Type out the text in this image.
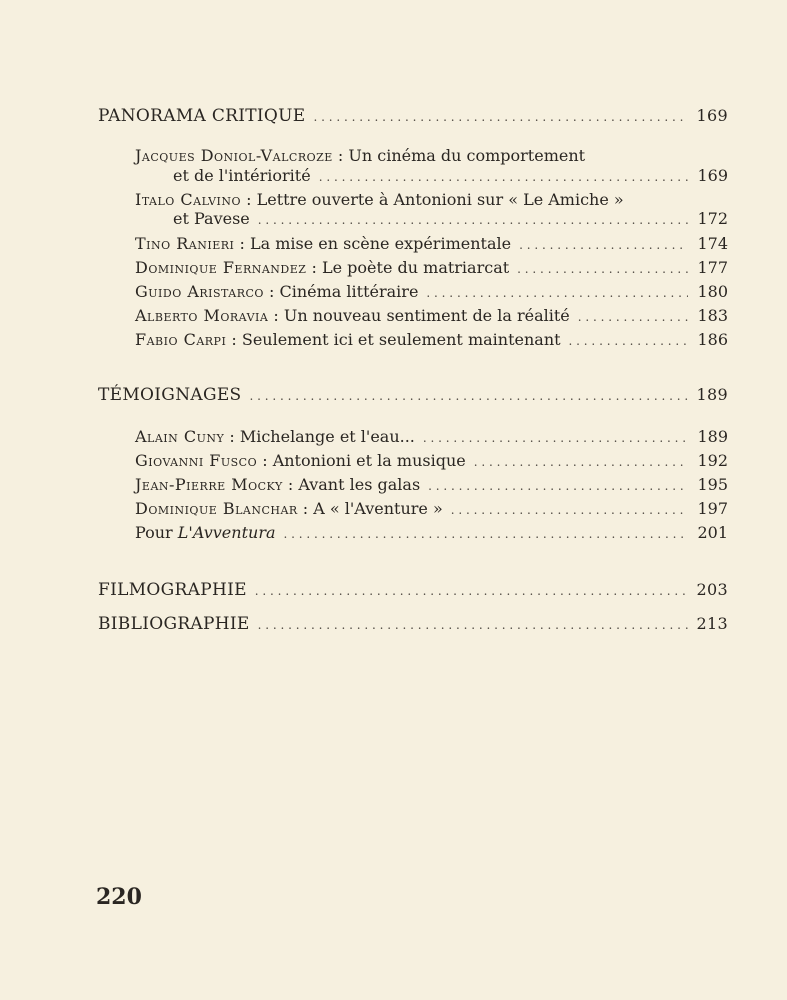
PANORAMA CRITIQUE . . .	169
Jacques Doniol-Valcroze : Un cinéma du comportement
et de l'intériorité . . .	169
Italo Calvino : Lettre ouverte à Antonioni sur « Le Amiche »
et Pavese . . .	172
Tino Ranieri : La mise en scène expérimentale . . .	174
Dominique Fernandez : Le poète du matriarcat . . .	177
Guido Aristarco : Cinéma littéraire . . .	180
Alberto Moravia : Un nouveau sentiment de la réalité . . .	183
Fabio Carpi : Seulement ici et seulement maintenant . . .	186
TÉMOIGNAGES . . .	189
Alain Cuny : Michelange et l'eau... . . .	189
Giovanni Fusco : Antonioni et la musique . . .	192
Jean-Pierre Mocky : Avant les galas . . .	195
Dominique Blanchar : A « l'Aventure » . . .	197
Pour L'Avventura . . .	201
FILMOGRAPHIE . . .	203
BIBLIOGRAPHIE . . .	213
220
